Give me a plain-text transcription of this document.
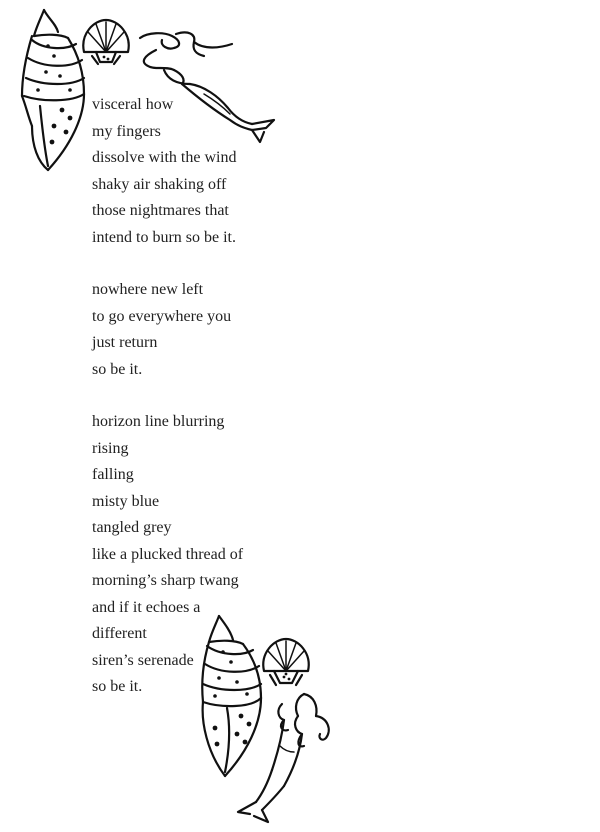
visceral how
my fingers
dissolve with the wind
shaky air shaking off
those nightmares that
intend to burn so be it.
nowhere new left
to go everywhere you
just return
so be it.
horizon line blurring
rising
falling
misty blue
tangled grey
like a plucked thread of
morning’s sharp twang
and if it echoes a
different
siren’s serenade
so be it.
